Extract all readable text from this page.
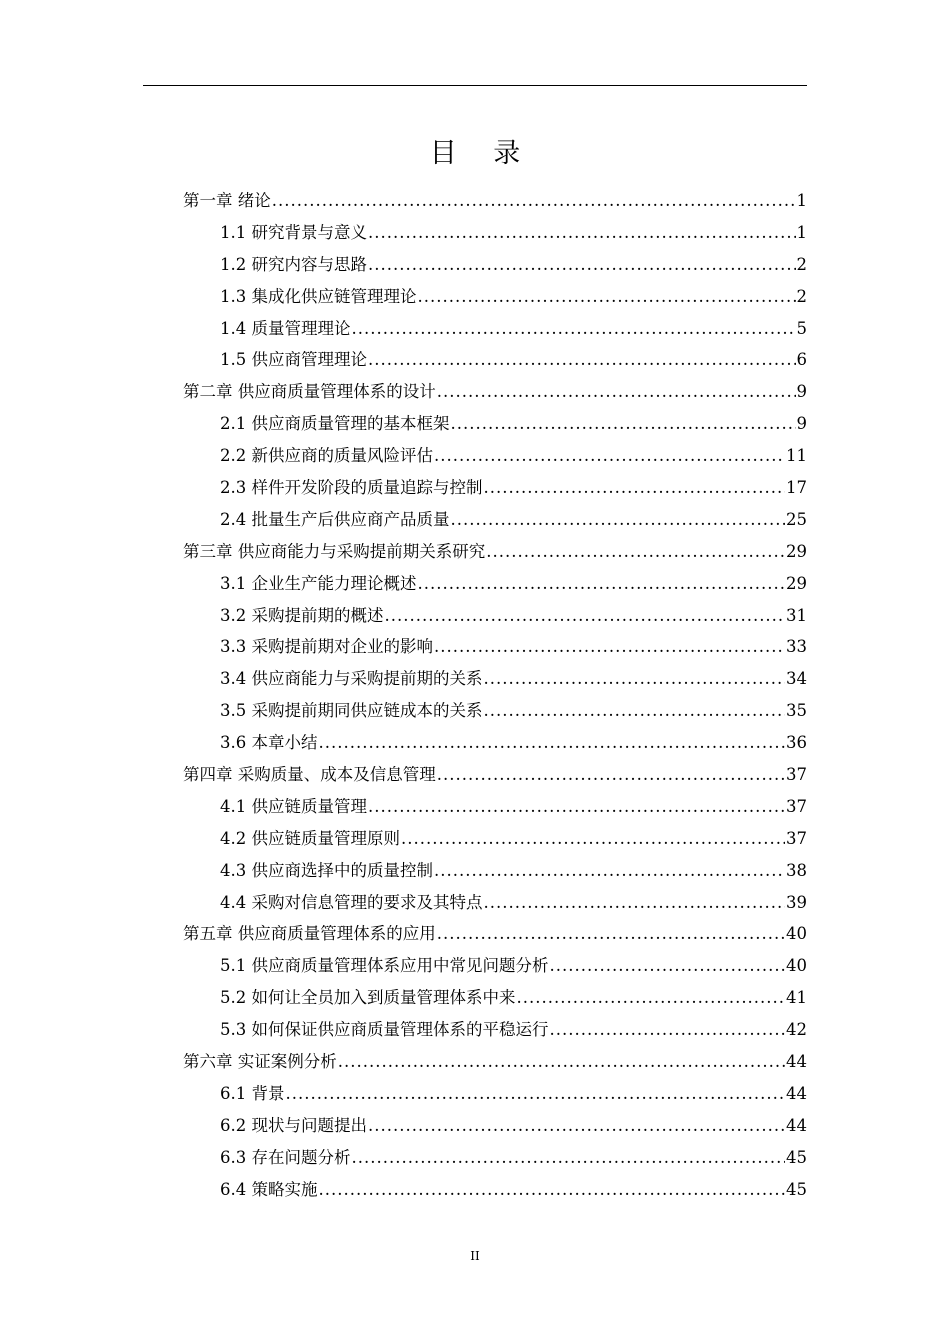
目 录
第一章 绪论 .....	1
1.1 研究背景与意义 .....	1
1.2 研究内容与思路 .....	2
1.3 集成化供应链管理理论 .....	2
1.4 质量管理理论 .....	5
1.5 供应商管理理论 .....	6
第二章 供应商质量管理体系的设计 .....	9
2.1 供应商质量管理的基本框架 .....	9
2.2 新供应商的质量风险评估 .....	11
2.3 样件开发阶段的质量追踪与控制 .....	17
2.4 批量生产后供应商产品质量 .....	25
第三章 供应商能力与采购提前期关系研究 .....	29
3.1 企业生产能力理论概述 .....	29
3.2 采购提前期的概述 .....	31
3.3 采购提前期对企业的影响 .....	33
3.4 供应商能力与采购提前期的关系 .....	34
3.5 采购提前期同供应链成本的关系 .....	35
3.6 本章小结 .....	36
第四章 采购质量、成本及信息管理 .....	37
4.1 供应链质量管理 .....	37
4.2 供应链质量管理原则 .....	37
4.3 供应商选择中的质量控制 .....	38
4.4 采购对信息管理的要求及其特点 .....	39
第五章 供应商质量管理体系的应用 .....	40
5.1 供应商质量管理体系应用中常见问题分析 .....	40
5.2 如何让全员加入到质量管理体系中来 .....	41
5.3 如何保证供应商质量管理体系的平稳运行 .....	42
第六章 实证案例分析 .....	44
6.1 背景 .....	44
6.2 现状与问题提出 .....	44
6.3 存在问题分析 .....	45
6.4 策略实施 .....	45
II
